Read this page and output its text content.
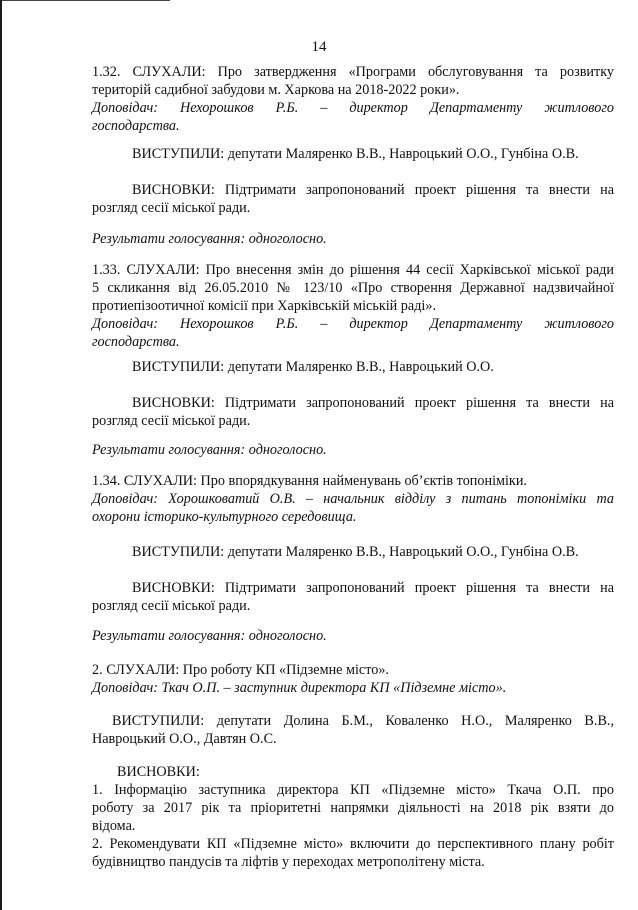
14
1.32. СЛУХАЛИ: Про затвердження «Програми обслуговування та розвитку
територій садибної забудови м. Харкова на 2018-2022 роки».
Доповідач: Нехорошков Р.Б. – директор Департаменту житлового
господарства.
ВИСТУПИЛИ: депутати Маляренко В.В., Навроцький О.О., Гунбіна О.В.
ВИСНОВКИ: Підтримати запропонований проект рішення та внести на
розгляд сесії міської ради.
Результати голосування: одноголосно.
1.33. СЛУХАЛИ: Про внесення змін до рішення 44 сесії Харківської міської ради
5 скликання від 26.05.2010 № 123/10 «Про створення Державної надзвичайної
протиепізоотичної комісії при Харківській міській раді».
Доповідач: Нехорошков Р.Б. – директор Департаменту житлового
господарства.
ВИСТУПИЛИ: депутати Маляренко В.В., Навроцький О.О.
ВИСНОВКИ: Підтримати запропонований проект рішення та внести на
розгляд сесії міської ради.
Результати голосування: одноголосно.
1.34. СЛУХАЛИ: Про впорядкування найменувань об’єктів топоніміки.
Доповідач: Хорошковатий О.В. – начальник відділу з питань топоніміки та
охорони історико-культурного середовища.
ВИСТУПИЛИ: депутати Маляренко В.В., Навроцький О.О., Гунбіна О.В.
ВИСНОВКИ: Підтримати запропонований проект рішення та внести на
розгляд сесії міської ради.
Результати голосування: одноголосно.
2. СЛУХАЛИ: Про роботу КП «Підземне місто».
Доповідач: Ткач О.П. – заступник директора КП «Підземне місто».
ВИСТУПИЛИ: депутати Долина Б.М., Коваленко Н.О., Маляренко В.В.,
Навроцький О.О., Давтян О.С.
ВИСНОВКИ:
1. Інформацію заступника директора КП «Підземне місто» Ткача О.П. про
роботу за 2017 рік та пріоритетні напрямки діяльності на 2018 рік взяти до
відома.
2. Рекомендувати КП «Підземне місто» включити до перспективного плану робіт
будівництво пандусів та ліфтів у переходах метрополітену міста.
